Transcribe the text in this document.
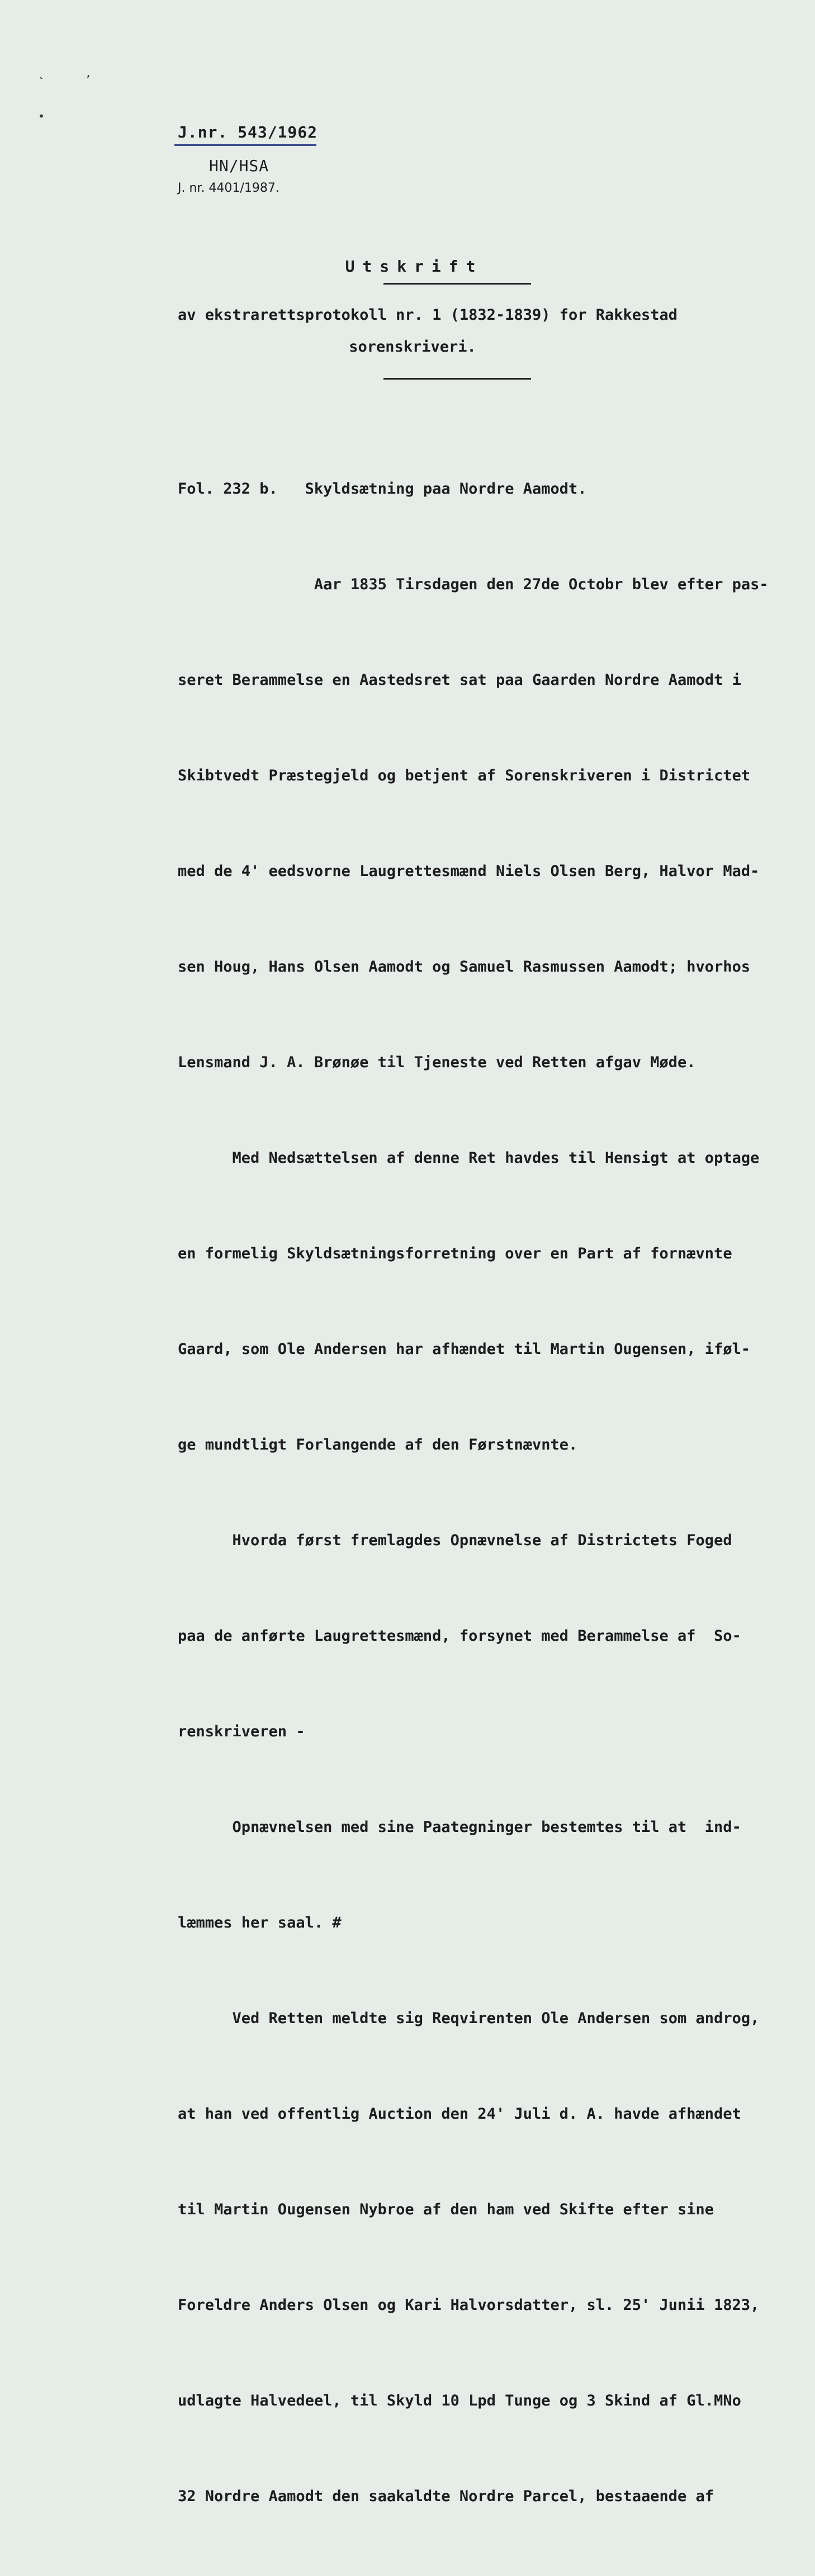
˛	,
•
J.nr. 543/1962
HN/HSA
J. nr. 4401/1987.
Utskrift
av ekstrarettsprotokoll nr. 1 (1832-1839) for Rakkestad
sorenskriveri.

Fol. 232 b.   Skyldsætning paa Nordre Aamodt.

Aar 1835 Tirsdagen den 27de Octobr blev efter pas-

seret Berammelse en Aastedsret sat paa Gaarden Nordre Aamodt i

Skibtvedt Præstegjeld og betjent af Sorenskriveren i Districtet

med de 4' eedsvorne Laugrettesmænd Niels Olsen Berg, Halvor Mad-

sen Houg, Hans Olsen Aamodt og Samuel Rasmussen Aamodt; hvorhos

Lensmand J. A. Brønøe til Tjeneste ved Retten afgav Møde.

Med Nedsættelsen af denne Ret havdes til Hensigt at optage

en formelig Skyldsætningsforretning over en Part af fornævnte

Gaard, som Ole Andersen har afhændet til Martin Ougensen, iføl-

ge mundtligt Forlangende af den Førstnævnte.

Hvorda først fremlagdes Opnævnelse af Districtets Foged

paa de anførte Laugrettesmænd, forsynet med Berammelse af  So-

renskriveren -

Opnævnelsen med sine Paategninger bestemtes til at  ind-

læmmes her saal. #

Ved Retten meldte sig Reqvirenten Ole Andersen som androg,

at han ved offentlig Auction den 24' Juli d. A. havde afhændet

til Martin Ougensen Nybroe af den ham ved Skifte efter sine

Foreldre Anders Olsen og Kari Halvorsdatter, sl. 25' Junii 1823,

udlagte Halvedeel, til Skyld 10 Lpd Tunge og 3 Skind af Gl.MNo

32 Nordre Aamodt den saakaldte Nordre Parcel, bestaaende af
